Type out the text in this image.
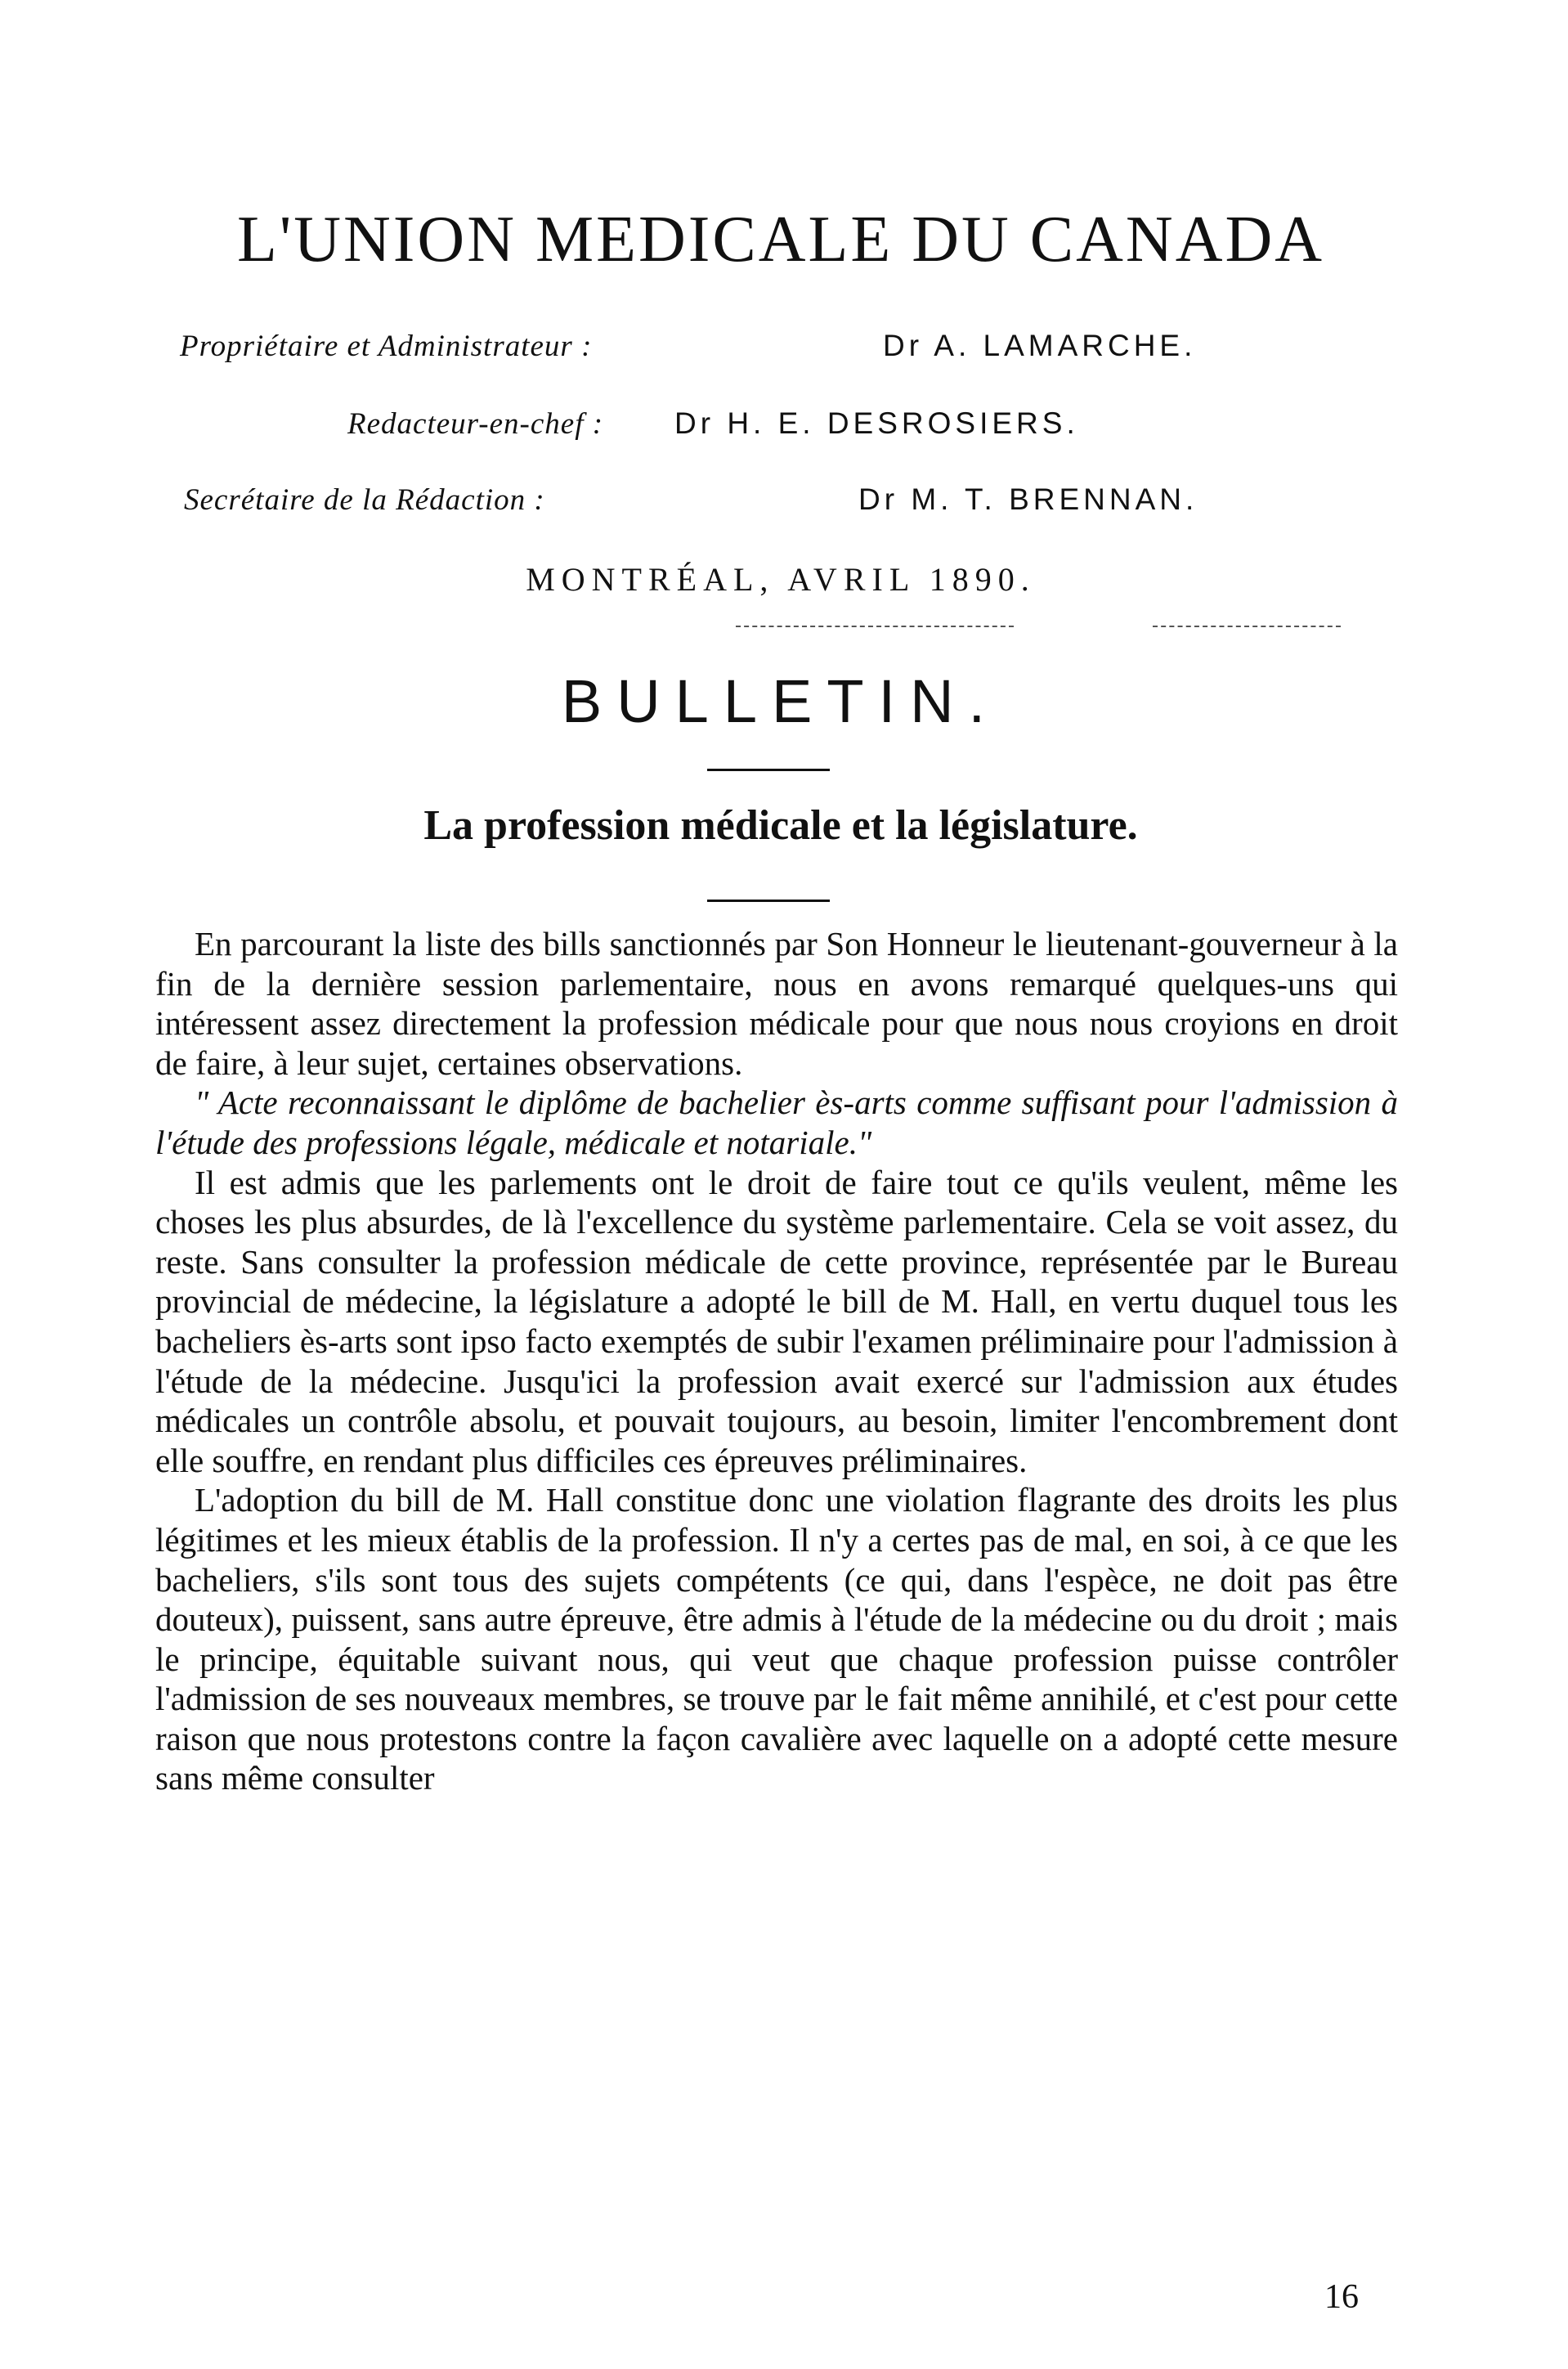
L'UNION MEDICALE DU CANADA
Propriétaire et Administrateur :	Dr A. LAMARCHE.
Redacteur-en-chef : Dr H. E. DESROSIERS.
Secrétaire de la Rédaction :	Dr M. T. BRENNAN.
MONTRÉAL, AVRIL 1890.
BULLETIN.
La profession médicale et la législature.

En parcourant la liste des bills sanctionnés par Son Honneur le lieutenant-gouverneur à la fin de la dernière session parlementaire, nous en avons remarqué quelques-uns qui intéressent assez directement la profession médicale pour que nous nous croyions en droit de faire, à leur sujet, certaines observations.

" Acte reconnaissant le diplôme de bachelier ès-arts comme suffisant pour l'admission à l'étude des professions légale, médicale et notariale."

Il est admis que les parlements ont le droit de faire tout ce qu'ils veulent, même les choses les plus absurdes, de là l'excellence du système parlementaire. Cela se voit assez, du reste. Sans consulter la profession médicale de cette province, représentée par le Bureau provincial de médecine, la législature a adopté le bill de M. Hall, en vertu duquel tous les bacheliers ès-arts sont ipso facto exemptés de subir l'examen préliminaire pour l'admission à l'étude de la médecine. Jusqu'ici la profession avait exercé sur l'admission aux études médicales un contrôle absolu, et pouvait toujours, au besoin, limiter l'encombrement dont elle souffre, en rendant plus difficiles ces épreuves préliminaires.

L'adoption du bill de M. Hall constitue donc une violation flagrante des droits les plus légitimes et les mieux établis de la profession. Il n'y a certes pas de mal, en soi, à ce que les bacheliers, s'ils sont tous des sujets compétents (ce qui, dans l'espèce, ne doit pas être douteux), puissent, sans autre épreuve, être admis à l'étude de la médecine ou du droit ; mais le principe, équitable suivant nous, qui veut que chaque profession puisse contrôler l'admission de ses nouveaux membres, se trouve par le fait même annihilé, et c'est pour cette raison que nous protestons contre la façon cavalière avec laquelle on a adopté cette mesure sans même consulter

16
